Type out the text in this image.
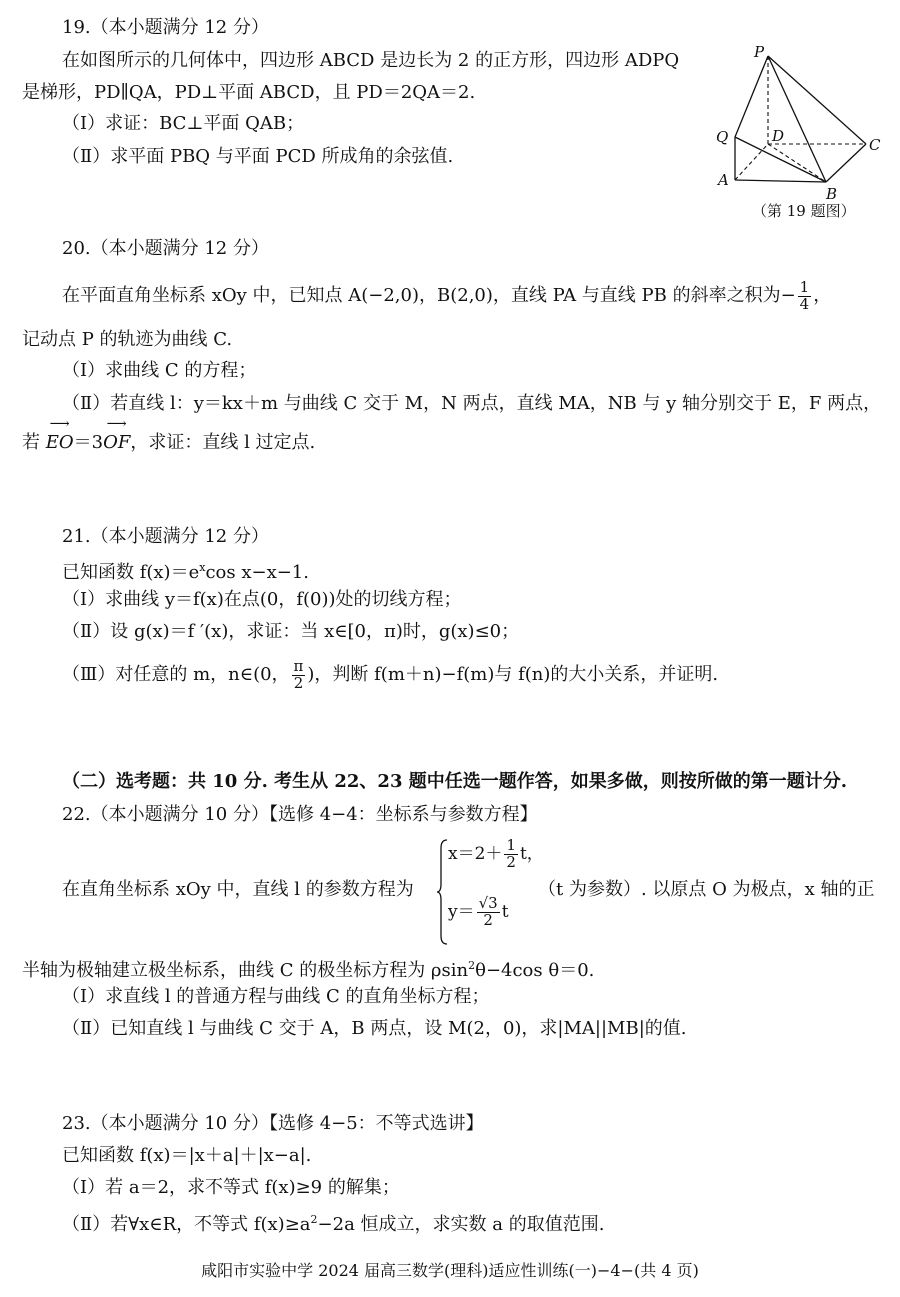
19.（本小题满分 12 分）
在如图所示的几何体中，四边形 ABCD 是边长为 2 的正方形，四边形 ADPQ
是梯形，PD∥QA，PD⊥平面 ABCD，且 PD＝2QA＝2.
（Ⅰ）求证：BC⊥平面 QAB；
（Ⅱ）求平面 PBQ 与平面 PCD 所成角的余弦值.
P
Q	D	C
A
B
（第 19 题图）
20.（本小题满分 12 分）
在平面直角坐标系 xOy 中，已知点 A(−2,0)，B(2,0)，直线 PA 与直线 PB 的斜率之积为− $\frac{1}{4}$ ，
记动点 P 的轨迹为曲线 C.
（Ⅰ）求曲线 C 的方程；
（Ⅱ）若直线 l：y＝kx＋m 与曲线 C 交于 M，N 两点，直线 MA，NB 与 y 轴分别交于 E，F 两点，
若 ⟶ EO＝3⟶ OF，求证：直线 l 过定点.
21.（本小题满分 12 分）
已知函数 $f(x)=e^x\cos$ x−x−1.
（Ⅰ）求曲线 y＝f(x)在点(0，f(0))处的切线方程；
（Ⅱ）设 g(x)＝f ′(x)，求证：当 x∈[0，π)时，g(x)≤0；
（Ⅲ）对任意的 m，n∈(0， $\frac{\pi}{2}$ )，判断 f(m＋n)−f(m)与 f(n)的大小关系，并证明.
（二）选考题：共 10 分. 考生从 22、23 题中任选一题作答，如果多做，则按所做的第一题计分.
22.（本小题满分 10 分）【选修 4−4：坐标系与参数方程】
$x=2+ \frac{1}{2}$ t，
$y= \frac{√3}{2}$ t
在直角坐标系 xOy 中，直线 l 的参数方程为	（t 为参数）. 以原点 O 为极点，x 轴的正
半轴为极轴建立极坐标系，曲线 C 的极坐标方程为 ρsin$^2$θ−4cos θ＝0.
（Ⅰ）求直线 l 的普通方程与曲线 C 的直角坐标方程；
（Ⅱ）已知直线 l 与曲线 C 交于 A，B 两点，设 M(2，0)，求|MA||MB|的值.
23.（本小题满分 10 分）【选修 4−5：不等式选讲】
已知函数 f(x)＝|x＋a|＋|x−a|.
（Ⅰ）若 a＝2，求不等式 f(x)≥9 的解集；
（Ⅱ）若∀x∈R，不等式 $f(x)\ge a^2-2a$ 恒成立，求实数 a 的取值范围.
咸阳市实验中学 2024 届高三数学(理科)适应性训练(一)−4−(共 4 页)
